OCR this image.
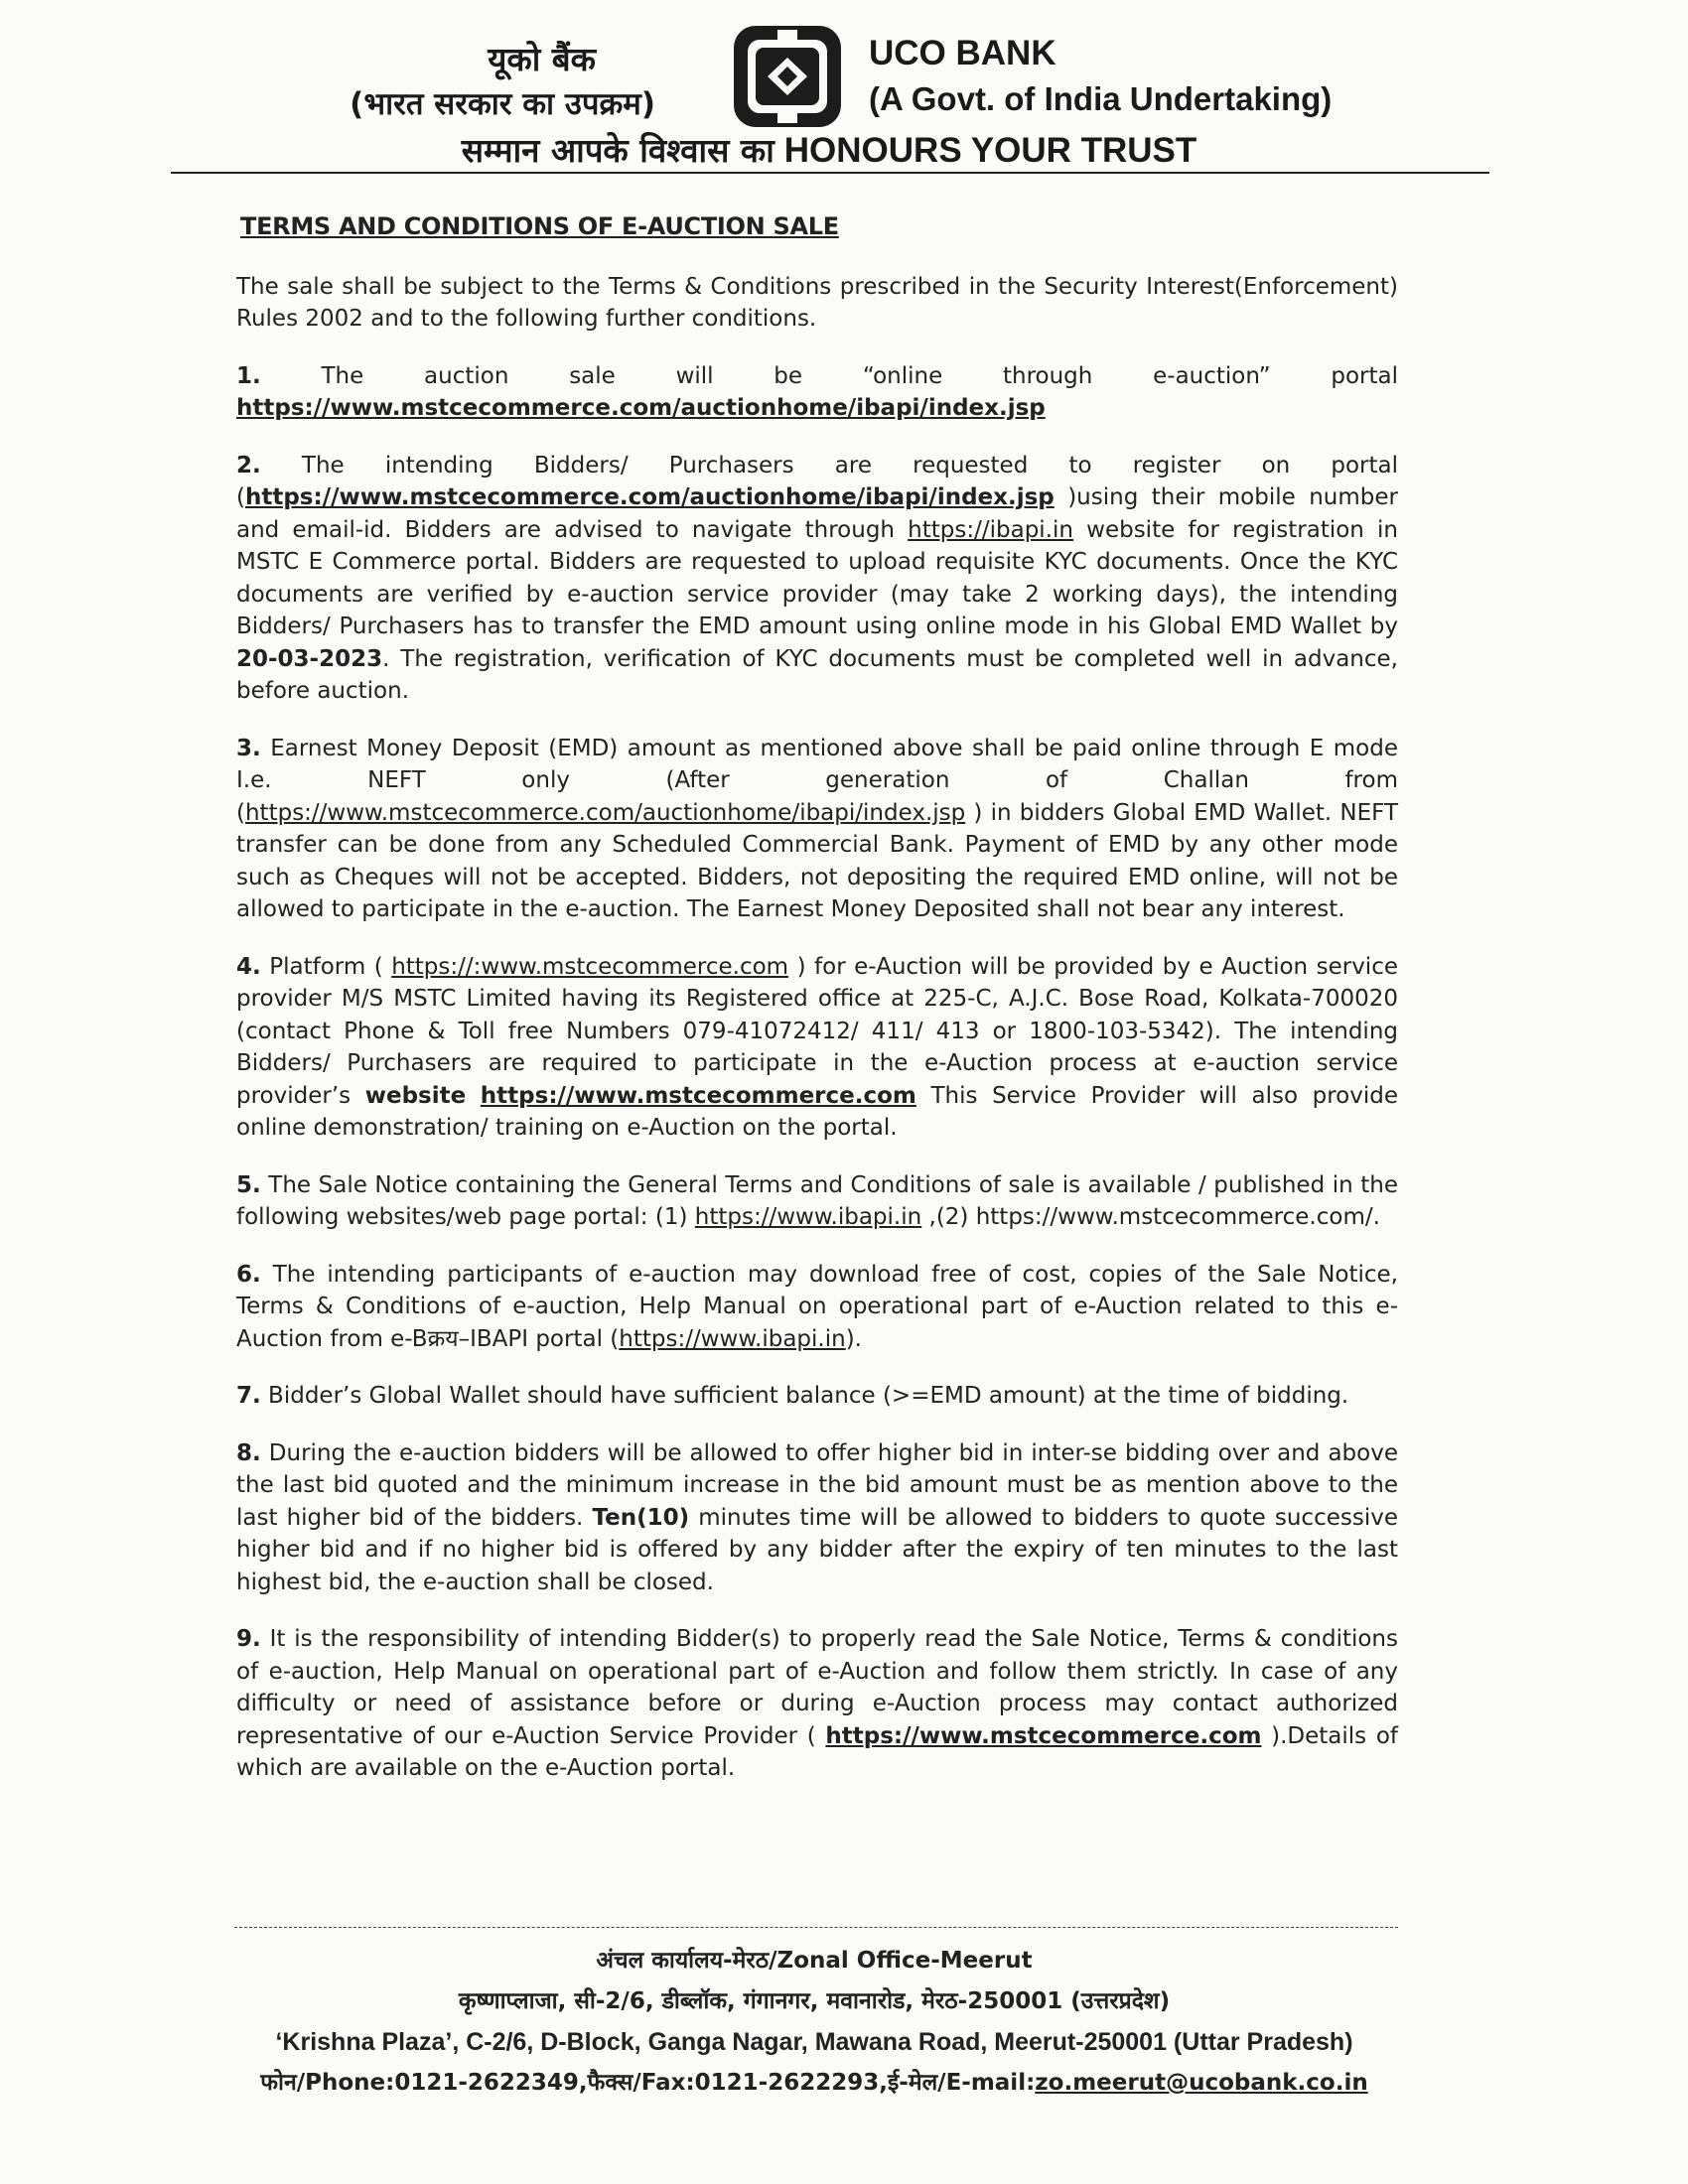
यूको बैंक
(भारत सरकार का उपक्रम)
UCO BANK
(A Govt. of India Undertaking)
सम्मान आपके विश्वास का HONOURS YOUR TRUST
TERMS AND CONDITIONS OF E-AUCTION SALE

The sale shall be subject to the Terms & Conditions prescribed in the Security Interest(Enforcement) Rules 2002 and to the following further conditions.

1. The auction sale will be “online through e-auction” portal https://www.mstcecommerce.com/auctionhome/ibapi/index.jsp

2. The intending Bidders/ Purchasers are requested to register on portal (https://www.mstcecommerce.com/auctionhome/ibapi/index.jsp )using their mobile number and email-id. Bidders are advised to navigate through https://ibapi.in website for registration in MSTC E Commerce portal. Bidders are requested to upload requisite KYC documents. Once the KYC documents are verified by e-auction service provider (may take 2 working days), the intending Bidders/ Purchasers has to transfer the EMD amount using online mode in his Global EMD Wallet by 20-03-2023. The registration, verification of KYC documents must be completed well in advance, before auction.

3. Earnest Money Deposit (EMD) amount as mentioned above shall be paid online through E mode I.e. NEFT only (After generation of Challan from (https://www.mstcecommerce.com/auctionhome/ibapi/index.jsp ) in bidders Global EMD Wallet. NEFT transfer can be done from any Scheduled Commercial Bank. Payment of EMD by any other mode such as Cheques will not be accepted. Bidders, not depositing the required EMD online, will not be allowed to participate in the e-auction. The Earnest Money Deposited shall not bear any interest.

4. Platform ( https://:www.mstcecommerce.com ) for e-Auction will be provided by e Auction service provider M/S MSTC Limited having its Registered office at 225-C, A.J.C. Bose Road, Kolkata-700020 (contact Phone & Toll free Numbers 079-41072412/ 411/ 413 or 1800-103-5342). The intending Bidders/ Purchasers are required to participate in the e-Auction process at e-auction service provider’s website https://www.mstcecommerce.com This Service Provider will also provide online demonstration/ training on e-Auction on the portal.

5. The Sale Notice containing the General Terms and Conditions of sale is available / published in the following websites/web page portal: (1) https://www.ibapi.in ,(2) https://www.mstcecommerce.com/.

6. The intending participants of e-auction may download free of cost, copies of the Sale Notice, Terms & Conditions of e-auction, Help Manual on operational part of e-Auction related to this e-Auction from e-Bक्रय–IBAPI portal (https://www.ibapi.in).

7. Bidder’s Global Wallet should have sufficient balance (>=EMD amount) at the time of bidding.

8. During the e-auction bidders will be allowed to offer higher bid in inter-se bidding over and above the last bid quoted and the minimum increase in the bid amount must be as mention above to the last higher bid of the bidders. Ten(10) minutes time will be allowed to bidders to quote successive higher bid and if no higher bid is offered by any bidder after the expiry of ten minutes to the last highest bid, the e-auction shall be closed.

9. It is the responsibility of intending Bidder(s) to properly read the Sale Notice, Terms & conditions of e-auction, Help Manual on operational part of e-Auction and follow them strictly. In case of any difficulty or need of assistance before or during e-Auction process may contact authorized representative of our e-Auction Service Provider ( https://www.mstcecommerce.com ).Details of which are available on the e-Auction portal.

अंचल कार्यालय-मेरठ/Zonal Office-Meerut
कृष्णाप्लाजा, सी-2/6, डीब्लॉक, गंगानगर, मवानारोड, मेरठ-250001 (उत्तरप्रदेश)
‘Krishna Plaza’, C-2/6, D-Block, Ganga Nagar, Mawana Road, Meerut-250001 (Uttar Pradesh)
फोन/Phone:0121-2622349,फैक्स/Fax:0121-2622293,ई-मेल/E-mail:zo.meerut@ucobank.co.in
